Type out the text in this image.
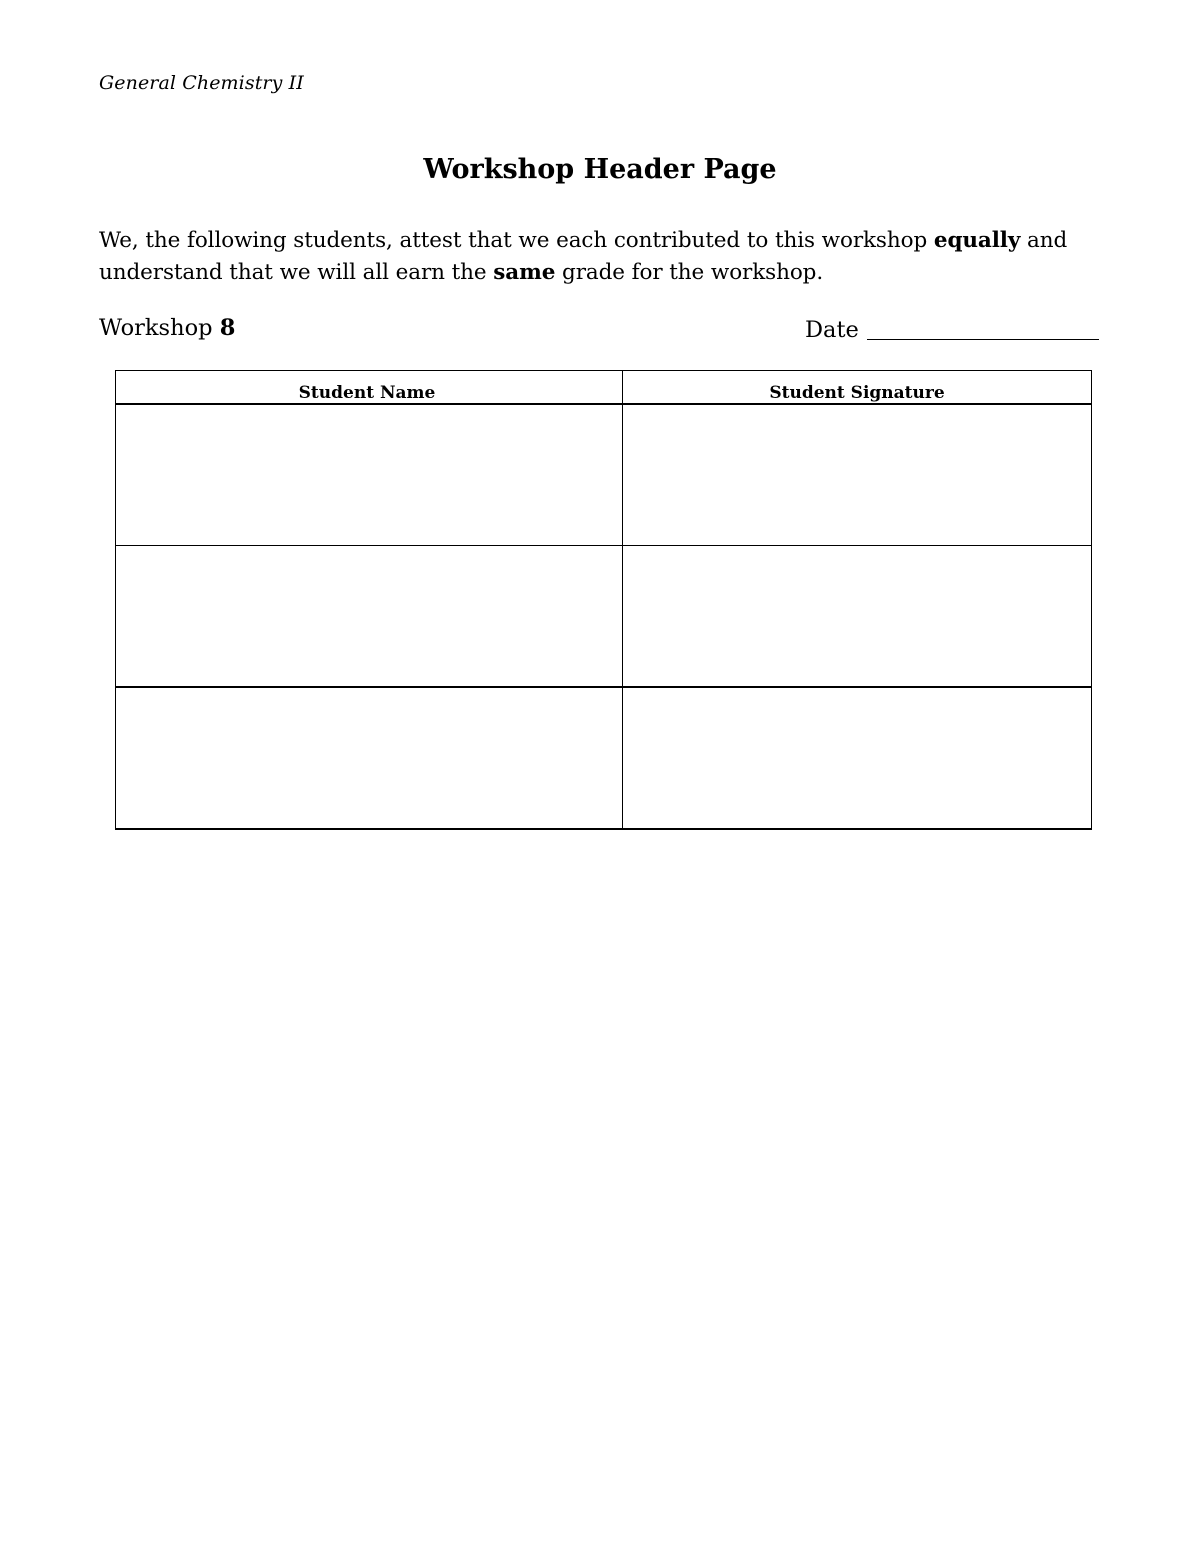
General Chemistry II
Workshop Header Page
We, the following students, attest that we each contributed to this workshop equally and understand that we will all earn the same grade for the workshop.
Workshop 8	Date
Student Name	Student Signature
